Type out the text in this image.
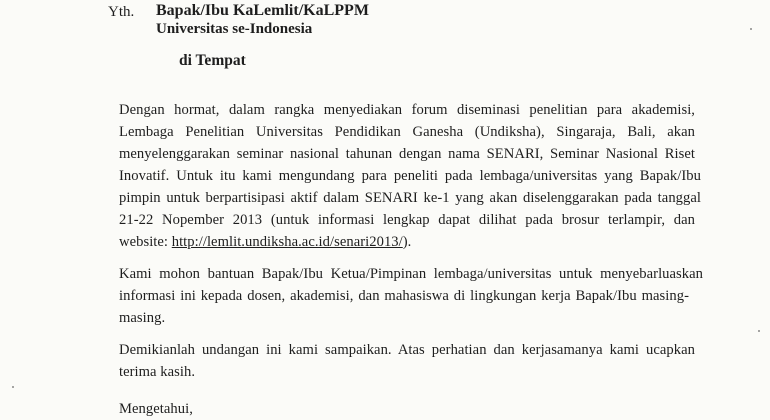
Yth. Bapak/Ibu KaLemlit/KaLPPM
Universitas se-Indonesia
di Tempat
Dengan hormat, dalam rangka menyediakan forum diseminasi penelitian para akademisi,
Lembaga Penelitian Universitas Pendidikan Ganesha (Undiksha), Singaraja, Bali, akan
menyelenggarakan seminar nasional tahunan dengan nama SENARI, Seminar Nasional Riset
Inovatif. Untuk itu kami mengundang para peneliti pada lembaga/universitas yang Bapak/Ibu
pimpin untuk berpartisipasi aktif dalam SENARI ke-1 yang akan diselenggarakan pada tanggal
21-22 Nopember 2013 (untuk informasi lengkap dapat dilihat pada brosur terlampir, dan
website: http://lemlit.undiksha.ac.id/senari2013/).
Kami mohon bantuan Bapak/Ibu Ketua/Pimpinan lembaga/universitas untuk menyebarluaskan
informasi ini kepada dosen, akademisi, dan mahasiswa di lingkungan kerja Bapak/Ibu masing-
masing.
Demikianlah undangan ini kami sampaikan. Atas perhatian dan kerjasamanya kami ucapkan
terima kasih.
Mengetahui,
